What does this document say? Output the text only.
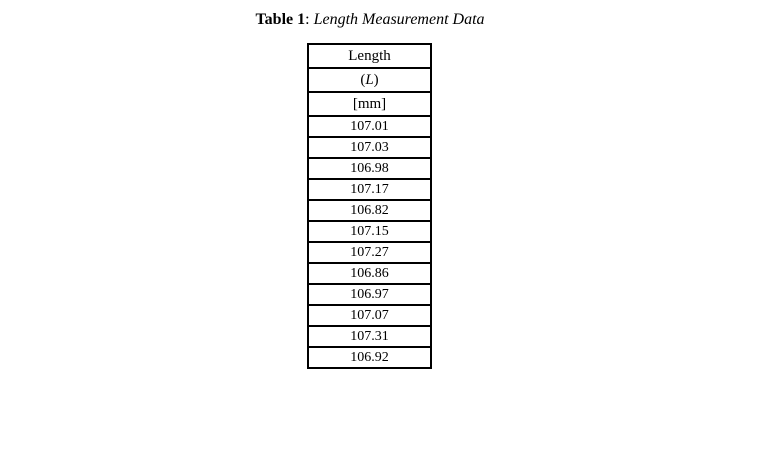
Table 1: Length Measurement Data
Length
(L)
[mm]
107.01
107.03
106.98
107.17
106.82
107.15
107.27
106.86
106.97
107.07
107.31
106.92
